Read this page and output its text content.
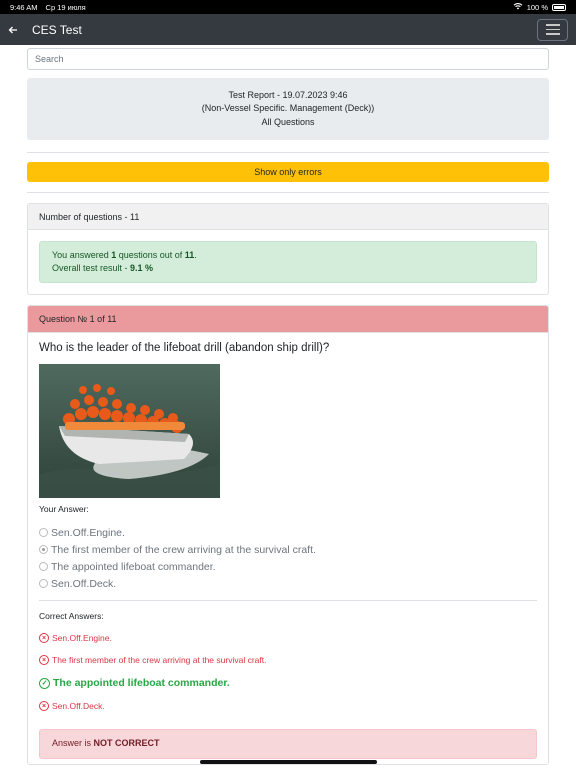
9:46 AM Ср 19 июля	100 %
CES Test
Search
Test Report - 19.07.2023 9:46
(Non-Vessel Specific. Management (Deck))
All Questions
Show only errors
Number of questions - 11
You answered 1 questions out of 11.
Overall test result - 9.1 %
Question № 1 of 11
Who is the leader of the lifeboat drill (abandon ship drill)?
Your Answer:
Sen.Off.Engine.
The first member of the crew arriving at the survival craft.
The appointed lifeboat commander.
Sen.Off.Deck.
Correct Answers:
× Sen.Off.Engine.
× The first member of the crew arriving at the survival craft.
✓ The appointed lifeboat commander.
× Sen.Off.Deck.
Answer is NOT CORRECT
